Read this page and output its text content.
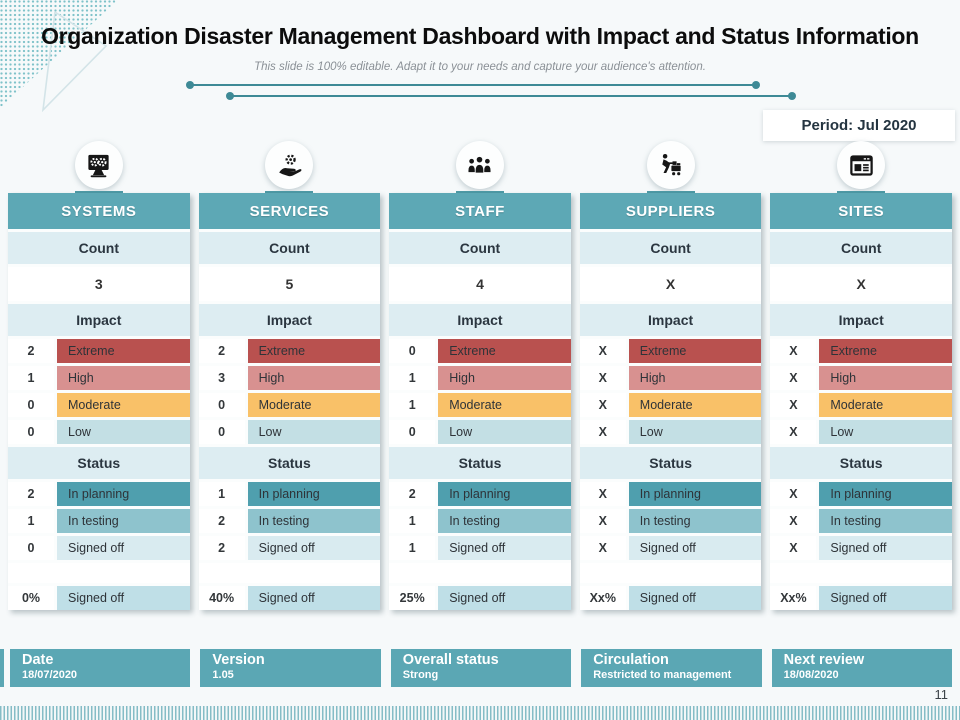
Organization Disaster Management Dashboard with Impact and Status Information
This slide is 100% editable. Adapt it to your needs and capture your audience's attention.
Period: Jul 2020
SYSTEMS
Count
3
Impact
2	Extreme
1	High
0	Moderate
0	Low
Status
2	In planning
1	In testing
0	Signed off
0%	Signed off
SERVICES
Count
5
Impact
2	Extreme
3	High
0	Moderate
0	Low
Status
1	In planning
2	In testing
2	Signed off
40%	Signed off
STAFF
Count
4
Impact
0	Extreme
1	High
1	Moderate
0	Low
Status
2	In planning
1	In testing
1	Signed off
25%	Signed off
SUPPLIERS
Count
X
Impact
X	Extreme
X	High
X	Moderate
X	Low
Status
X	In planning
X	In testing
X	Signed off
Xx%	Signed off
SITES
Count
X
Impact
X	Extreme
X	High
X	Moderate
X	Low
Status
X	In planning
X	In testing
X	Signed off
Xx%	Signed off
Date
18/07/2020
Version
1.05
Overall status
Strong
Circulation
Restricted to management
Next review
18/08/2020
11
